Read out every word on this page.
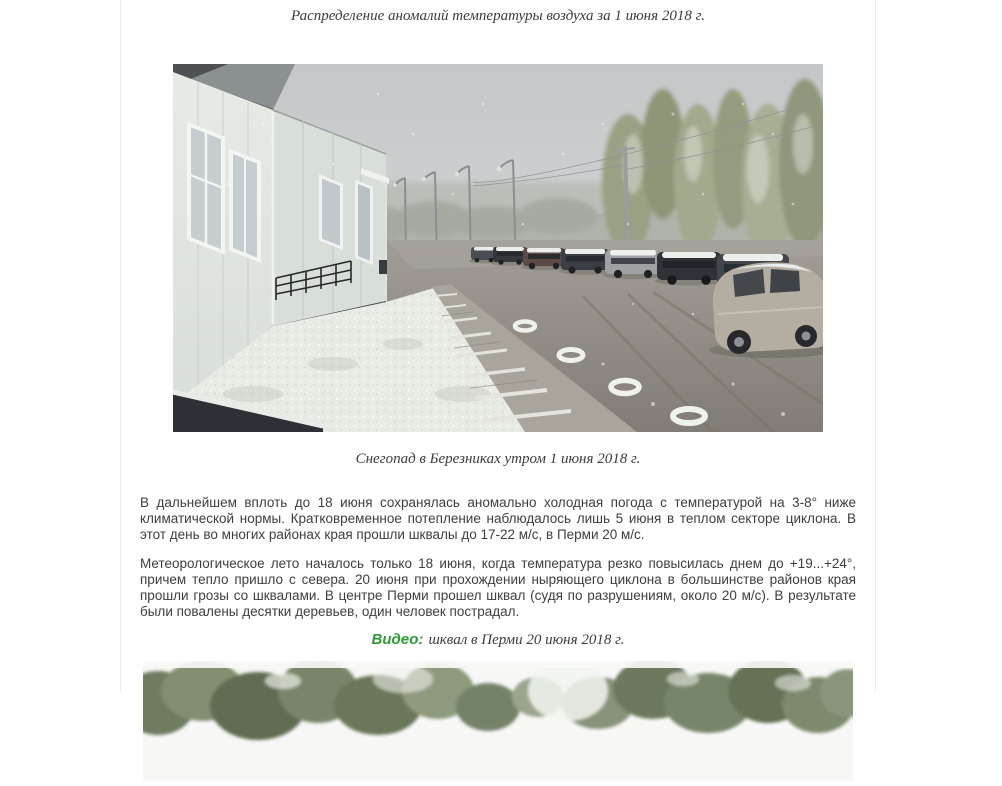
Распределение аномалий температуры воздуха за 1 июня 2018 г.
Снегопад в Березниках утром 1 июня 2018 г.

В дальнейшем вплоть до 18 июня сохранялась аномально холодная погода с температурой на 3-8° ниже климатической нормы. Кратковременное потепление наблюдалось лишь 5 июня в теплом секторе циклона. В этот день во многих районах края прошли шквалы до 17-22 м/с, в Перми 20 м/с.

Метеорологическое лето началось только 18 июня, когда температура резко повысилась днем до +19...+24°, причем тепло пришло с севера. 20 июня при прохождении ныряющего циклона в большинстве районов края прошли грозы со шквалами. В центре Перми прошел шквал (судя по разрушениям, около 20 м/с). В результате были повалены десятки деревьев, один человек пострадал.

Видео: шквал в Перми 20 июня 2018 г.
